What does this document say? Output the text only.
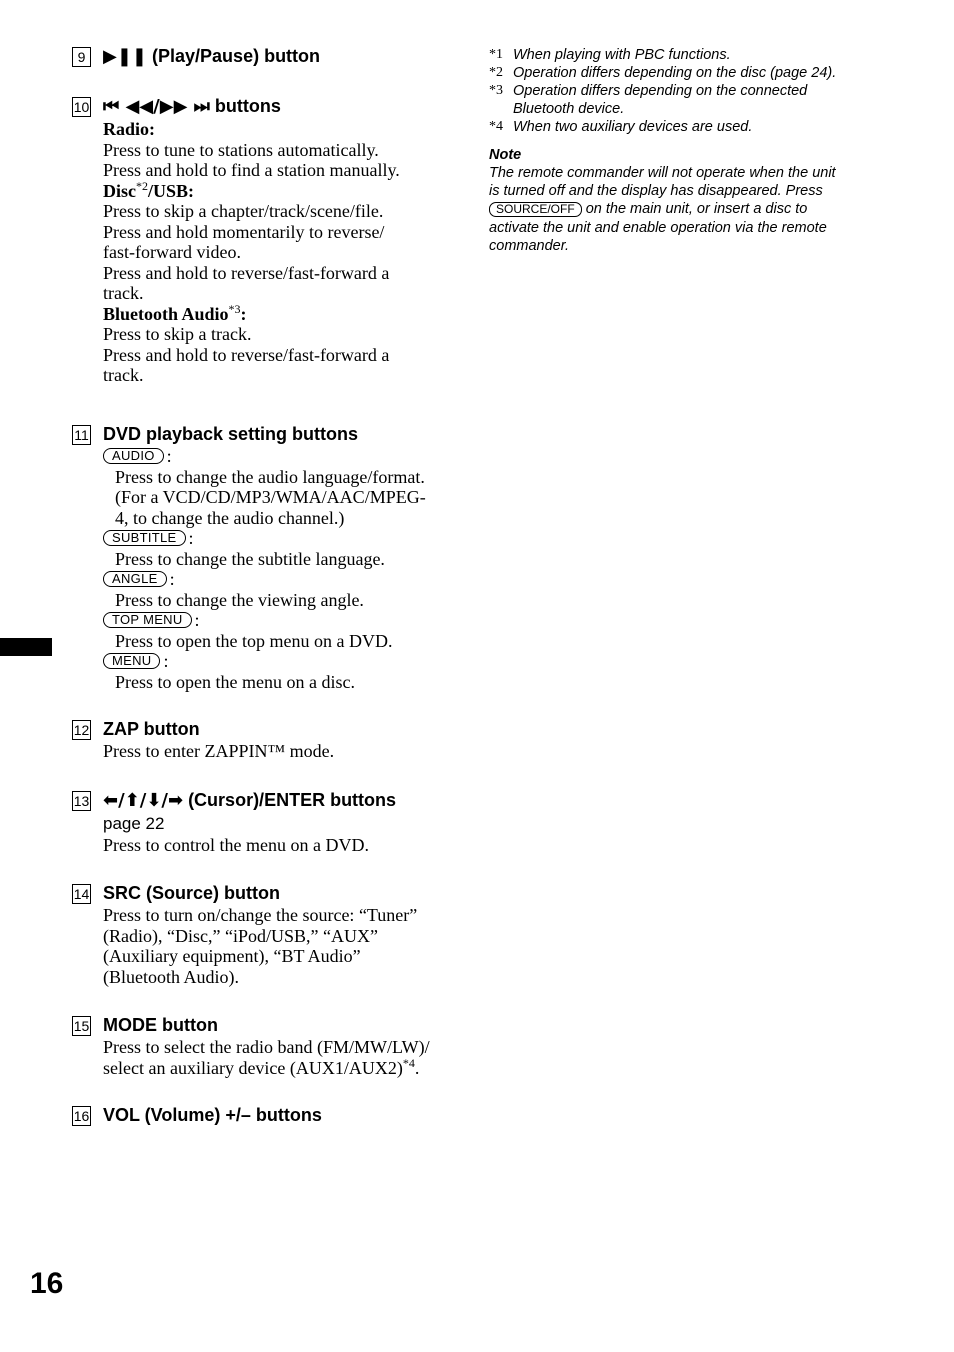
9 ▶❚❚ (Play/Pause) button

10 ⏮ ◀◀/▶▶ ⏭ buttons

Radio:

Press to tune to stations automatically.

Press and hold to find a station manually.

Disc$^{*2}$/USB:

Press to skip a chapter/track/scene/file.

Press and hold momentarily to reverse/

fast-forward video.

Press and hold to reverse/fast-forward a

track.

Bluetooth Audio$^{*3}$:

Press to skip a track.

Press and hold to reverse/fast-forward a

track.

11 DVD playback setting buttons

AUDIO :

Press to change the audio language/format.

(For a VCD/CD/MP3/WMA/AAC/MPEG-

4, to change the audio channel.)

SUBTITLE :

Press to change the subtitle language.

ANGLE :

Press to change the viewing angle.

TOP MENU :

Press to open the top menu on a DVD.

MENU :

Press to open the menu on a disc.

12 ZAP button

Press to enter ZAPPIN™ mode.

13 ⬅/⬆/⬇/➡ (Cursor)/ENTER buttons

page 22

Press to control the menu on a DVD.

14 SRC (Source) button

Press to turn on/change the source: “Tuner”

(Radio), “Disc,” “iPod/USB,” “AUX”

(Auxiliary equipment), “BT Audio”

(Bluetooth Audio).

15 MODE button

Press to select the radio band (FM/MW/LW)/

select an auxiliary device $(AUX1/AUX2)^{*4}$.

16 VOL (Volume) +/– buttons

*1 When playing with PBC functions.
*2 Operation differs depending on the disc (page 24).
*3 Operation differs depending on the connected
Bluetooth device.
*4 When two auxiliary devices are used.
Note
The remote commander will not operate when the unit
is turned off and the display has disappeared. Press
SOURCE/OFF on the main unit, or insert a disc to
activate the unit and enable operation via the remote
commander.
16
